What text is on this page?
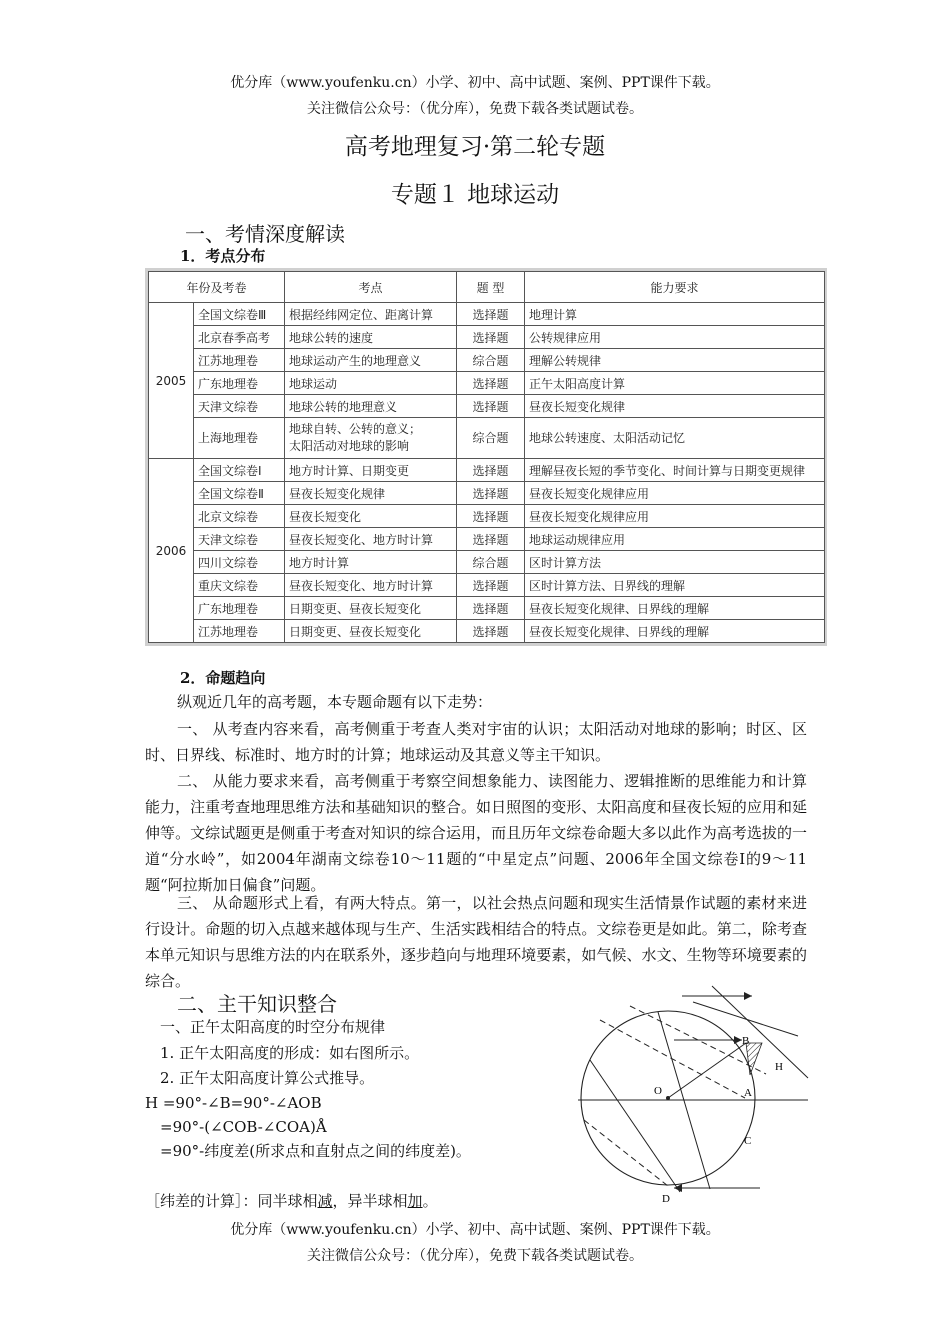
优分库（www.youfenku.cn）小学、初中、高中试题、案例、PPT课件下载。
关注微信公众号：（优分库），免费下载各类试题试卷。
高考地理复习·第二轮专题
专题１ 地球运动
一、考情深度解读
1．考点分布
年份及考卷		考点	题 型	能力要求
2005	全国文综卷Ⅲ	根据经纬网定位、距离计算	选择题	地理计算
	北京春季高考	地球公转的速度	选择题	公转规律应用
	江苏地理卷	地球运动产生的地理意义	综合题	理解公转规律
	广东地理卷	地球运动	选择题	正午太阳高度计算
	天津文综卷	地球公转的地理意义	选择题	昼夜长短变化规律
	上海地理卷	地球自转、公转的意义；
太阳活动对地球的影响	综合题	地球公转速度、太阳活动记忆
2006	全国文综卷Ⅰ	地方时计算、日期变更	选择题	理解昼夜长短的季节变化、时间计算与日期变更规律
	全国文综卷Ⅱ	昼夜长短变化规律	选择题	昼夜长短变化规律应用
	北京文综卷	昼夜长短变化	选择题	昼夜长短变化规律应用
	天津文综卷	昼夜长短变化、地方时计算	选择题	地球运动规律应用
	四川文综卷	地方时计算	综合题	区时计算方法
	重庆文综卷	昼夜长短变化、地方时计算	选择题	区时计算方法、日界线的理解
	广东地理卷	日期变更、昼夜长短变化	选择题	昼夜长短变化规律、日界线的理解
	江苏地理卷	日期变更、昼夜长短变化	选择题	昼夜长短变化规律、日界线的理解
2．命题趋向
纵观近几年的高考题，本专题命题有以下走势：
一、 从考查内容来看，高考侧重于考查人类对宇宙的认识；太阳活动对地球的影响；时区、区时、日界线、标准时、地方时的计算；地球运动及其意义等主干知识。
二、 从能力要求来看，高考侧重于考察空间想象能力、读图能力、逻辑推断的思维能力和计算能力，注重考查地理思维方法和基础知识的整合。如日照图的变形、太阳高度和昼夜长短的应用和延伸等。文综试题更是侧重于考查对知识的综合运用，而且历年文综卷命题大多以此作为高考选拔的一道“分水岭”，如2004年湖南文综卷10～11题的“中星定点”问题、2006年全国文综卷Ⅰ的9～11题“阿拉斯加日偏食”问题。
三、 从命题形式上看，有两大特点。第一，以社会热点问题和现实生活情景作试题的素材来进行设计。命题的切入点越来越体现与生产、生活实践相结合的特点。文综卷更是如此。第二，除考查本单元知识与思维方法的内在联系外，逐步趋向与地理环境要素，如气候、水文、生物等环境要素的综合。
二、主干知识整合
一、正午太阳高度的时空分布规律
1. 正午太阳高度的形成：如右图所示。
2. 正午太阳高度计算公式推导。
H =90°-∠B=90°-∠AOB
=90°-(∠COB-∠COA)Å
=90°-纬度差(所求点和直射点之间的纬度差)。
［纬差的计算］：同半球相减，异半球相加。
B
H
O	A
C
D
优分库（www.youfenku.cn）小学、初中、高中试题、案例、PPT课件下载。
关注微信公众号：（优分库），免费下载各类试题试卷。
